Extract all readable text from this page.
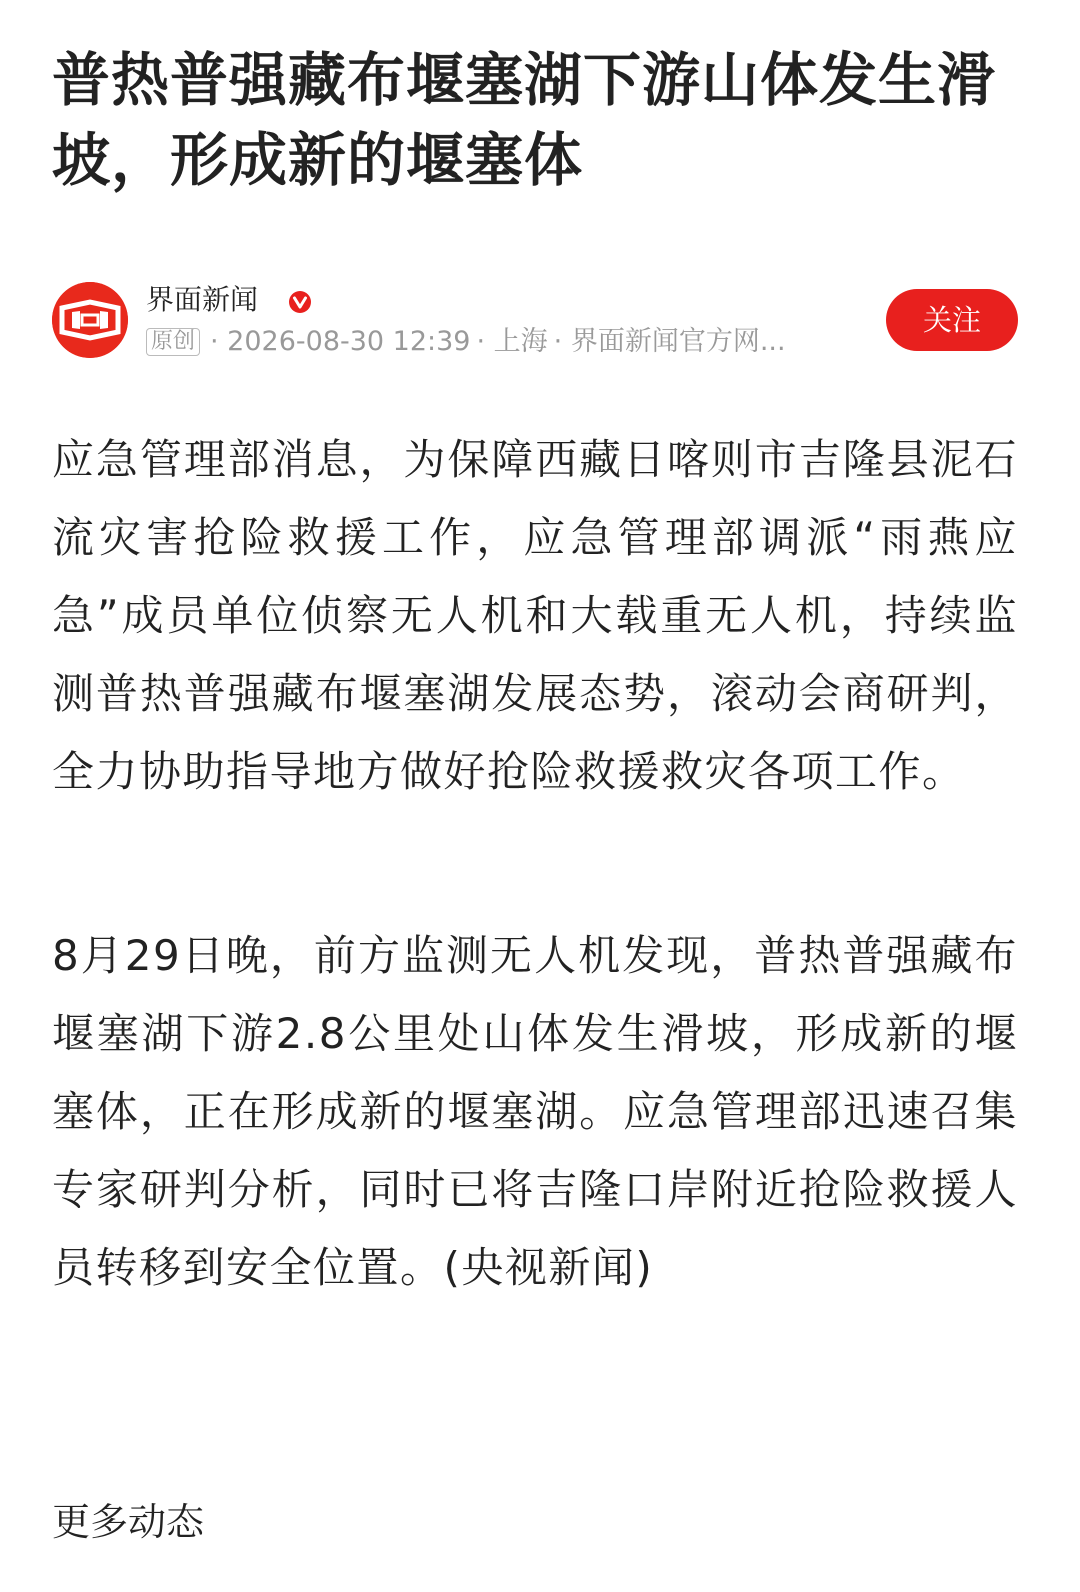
普热普强藏布堰塞湖下游山体发生滑坡，形成新的堰塞体
界面新闻
原创 · 2026-08-30 12:39 · 上海 · 界面新闻官方网...
关注

应急管理部消息，为保障西藏日喀则市吉隆县泥石流灾害抢险救援工作，应急管理部调派“雨燕应急”成员单位侦察无人机和大载重无人机，持续监测普热普强藏布堰塞湖发展态势，滚动会商研判，全力协助指导地方做好抢险救援救灾各项工作。

8月29日晚，前方监测无人机发现，普热普强藏布堰塞湖下游2.8公里处山体发生滑坡，形成新的堰塞体，正在形成新的堰塞湖。应急管理部迅速召集专家研判分析，同时已将吉隆口岸附近抢险救援人员转移到安全位置。(央视新闻)

更多动态
